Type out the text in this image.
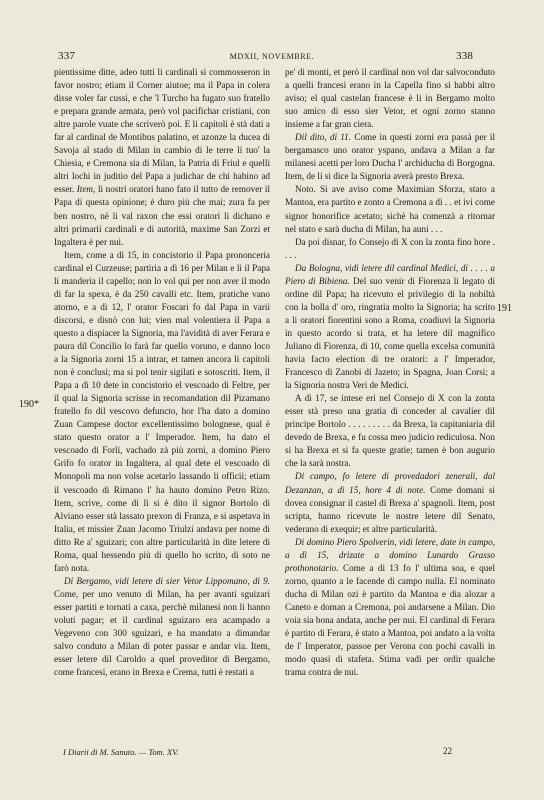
337	MDXII, NOVEMBRE.	338
190*
191

pientissime ditte, adeo tutti li cardinali si commosseron in favor nostro; etiam il Corner aiutoe; ma il Papa in colera disse voler far cussi, e che 'l Turcho ha fugato suo fratello e prepara grande armata, però vol pacifichar cristiani, con altre parole vuate che scriverò poi. E li capitoli è stà dati a far al cardinal de Montibus palatino, et azonze la ducea di Savoja al stado di Milan in cambio di le terre li tuo' la Chiesia, e Cremona sia di Milan, la Patria di Friul e quelli altri lochi in juditio del Papa a judichar de chi habino ad esser. Item, li nostri oratori hano fato il tutto de remover il Papa di questa opinione; è duro più che mai; zura fa per ben nostro, nè li val raxon che essi oratori li dichano e altri primarii cardinali e di autorità, maxime San Zorzi et Ingaltera è per nui.

Item, come a dì 15, in concistorio il Papa prononceria cardinal el Curzeuse; partiria a dì 16 per Milan e li il Papa li manderia il capello; non lo vol qui per non aver il modo di far la spexa, è da 250 cavalli etc. Item, pratiche vano atorno, e a dì 12, l' orator Foscari fo dal Papa in varii discorsi, e disnò con lui; vien mal volentiera il Papa a questo a dispiacer la Signoria, ma l'avidità di aver Ferara e paura dil Concilio lo farà far quello voruno, e danno loco a la Signoria zorni 15 a intrar, et tamen ancora li capitoli non è conclusi; ma si pol tenir sigilati e sotoscriti. Item, il Papa a dì 10 dete in concistorio el vescoado di Feltre, per il qual la Signoria scrisse in recomandation dil Pizamano fratello fo dil vescovo defuncto, hor l'ha dato a domino Zuan Campese doctor excellentissimo bolognese, qual è stato questo orator a l' Imperador. Item, ha dato el vescoado di Forlì, vachado zà più zorni, a domino Piero Grifo fo orator in Ingaltera, al qual dete el vescoado di Monopoli ma non volse acetarlo lassando li officii; etiam il vescoado di Rimano l' ha hauto domino Petro Rizo. Item, scrive, come di lì si è dito il signor Bortolo di Alviano esser stà lassato prexon di Franza, e si aspetava in Italia, et missier Zuan Jacomo Triulzi andava per nome di ditto Re a' sguizari; con altre particularità in dite letere di Roma, qual hessendo più di quello ho scrito, di soto ne farò nota.

Di Bergamo, vidi letere di sier Vetor Lippomano, di 9. Come, per uno venuto di Milan, ha per avanti sguizari esser partiti e tornati a caxa, perchè milanesi non li hanno voluti pagar; et il cardinal sguizaro era acampado a Vegeveno con 300 sguizari, e ha mandato a dimandar salvo conduto a Milan di poter passar e andar via. Item, esser letere dil Caroldo a quel proveditor di Bergamo, come francesi, erano in Brexa e Crema, tutti è restati a

pe' di monti, et però il cardinal non vol dar salvoconduto a quelli francesi erano in la Capella fino si habbi altro aviso; el qual castelan francese è li in Bergamo molto suo amico di esso sier Vetor, et ogni zorno stanno insieme a far gran ciera.

Dil dito, di 11. Come in questi zorni era passà per il bergamasco uno orator yspano, andava a Milan a far milanesi acetti per loro Ducha l' archiducha di Borgogna. Item, de li si dice la Signoria averà presto Brexa.

Noto. Si ave aviso come Maximian Sforza, stato a Mantoa, era partito e zonto a Cremona a dì . . et ivi come signor honorifice acetato; sichè ha comenzà a ritornar nel stato e sarà ducha di Milan, ha auni . . .

Da poi disnar, fo Consejo di X con la zonta fino hore . . . .

Da Bologna, vidi letere dil cardinal Medici, di . . . . a Piero di Bibiena. Del suo venir di Fiorenza li legato di ordine dil Papa; ha ricevuto el privilegio di la nobiltà con la bolla d' oro, ringratia molto la Signoria; ha scrito a li oratori fiorentini sono a Roma, coadiuvi la Signoria in questo acordo si trata, et ha letere dil magnifico Juliano di Fiorenza, di 10, come quella excelsa comunità havia facto election di tre oratori: a l' Imperador, Francesco di Zanobi di Jazeto; in Spagna, Joan Corsi; a la Signoria nostra Veri de Medici.

A dì 17, se intese eri nel Consejo di X con la zonta esser stà preso una gratia di conceder al cavalier dil principe Bortolo . . . . . . . . . da Brexa, la capitaniaria dil devedo de Brexa, e fu cossa meo judicio rediculosa. Non si ha Brexa et si fa queste gratie; tamen è bon augurio che la sarà nostra.

Di campo, fo letere di provedadori zenerali, dal Dezanzan, a dì 15, hore 4 di note. Come domani si dovea consignar il castel di Brexa a' spagnoli. Item, post scripta, hanno ricevute le nostre letere dil Senato, vederano di exequir; et altre particularità.

Di domino Piero Spolverin, vidi letere, date in campo, a dì 15, drizate a domino Lunardo Grasso prothonotario. Come a dì 13 fo l' ultima soa, e quel zorno, quanto a le facende di campo nulla. El nominato ducha di Milan ozi è partito da Mantoa e dia alozar a Caneto e doman a Cremona, poi andarsene a Milan. Dio voia sia bona andata, anche per nui. El cardinal di Ferara è partito di Ferara, è stato a Mantoa, poi andato a la volta de l' Imperator, passoe per Verona con pochi cavalli in modo quasi di stafeta. Stima vadi per ordir qualche trama contra de nui.

I Diarii di M. Sanuto. — Tom. XV.	22
